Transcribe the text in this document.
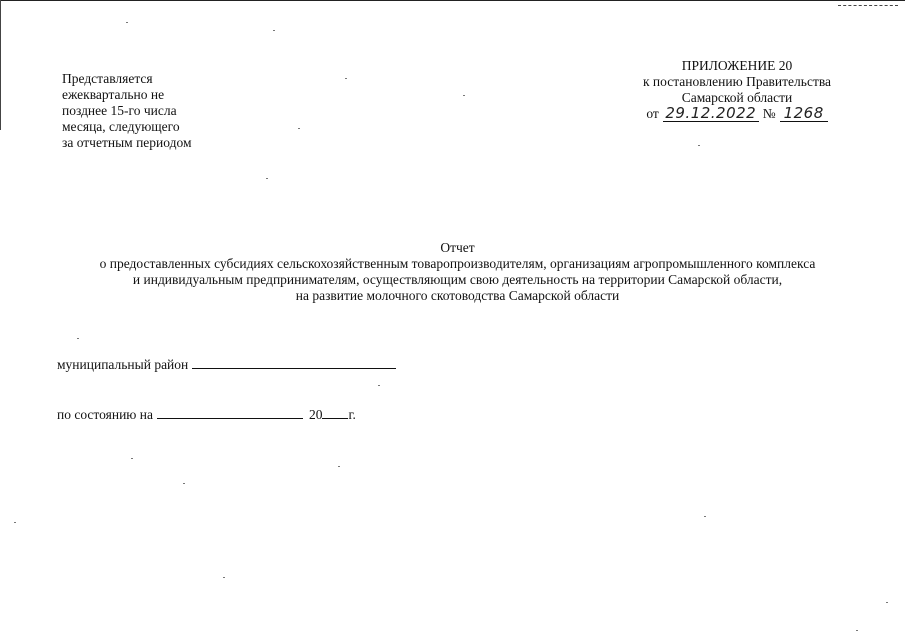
Представляется
ежеквартально не
позднее 15-го числа
месяца, следующего
за отчетным периодом
ПРИЛОЖЕНИЕ 20
к постановлению Правительства
Самарской области
от 29.12.2022 № 1268
Отчет
о предоставленных субсидиях сельскохозяйственным товаропроизводителям, организациям агропромышленного комплекса
и индивидуальным предпринимателям, осуществляющим свою деятельность на территории Самарской области,
на развитие молочного скотоводства Самарской области
муниципальный район
по состоянию на	20 г.
